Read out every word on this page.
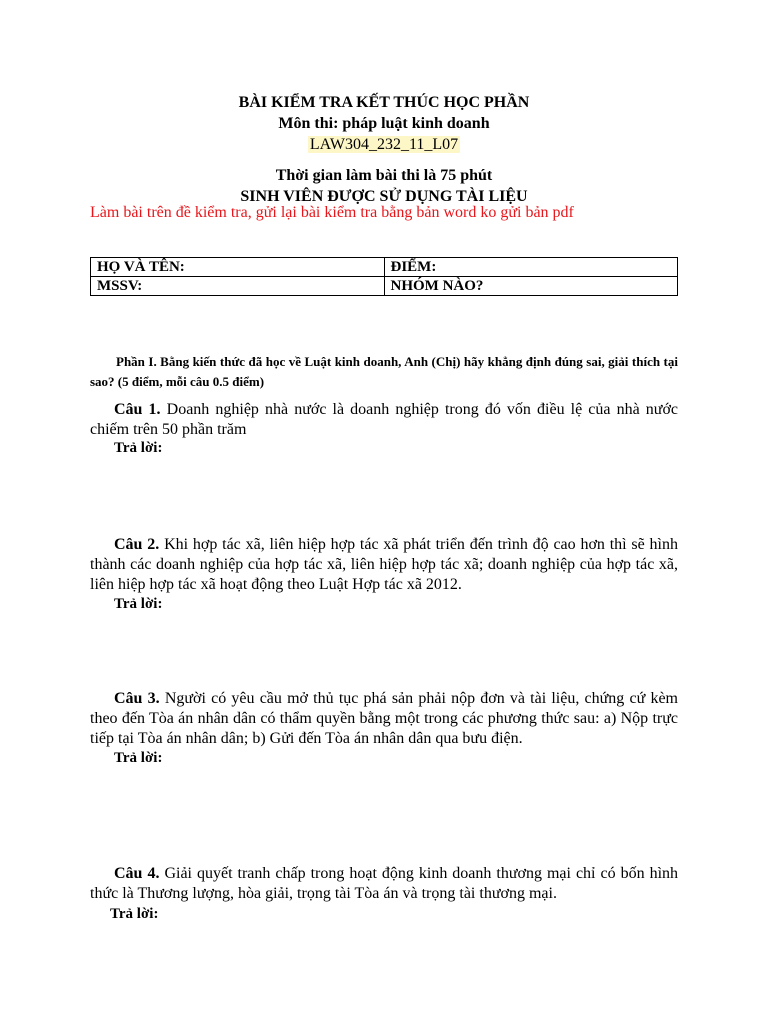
BÀI KIỂM TRA KẾT THÚC HỌC PHẦN
Môn thi: pháp luật kinh doanh
LAW304_232_11_L07
Thời gian làm bài thi là 75 phút
SINH VIÊN ĐƯỢC SỬ DỤNG TÀI LIỆU
Làm bài trên đề kiểm tra, gửi lại bài kiểm tra bằng bản word ko gửi bản pdf
HỌ VÀ TÊN:	ĐIỂM:
MSSV:	NHÓM NÀO?
Phần I. Bằng kiến thức đã học về Luật kinh doanh, Anh (Chị) hãy khẳng định đúng sai, giải thích tại sao? (5 điểm, mỗi câu 0.5 điểm)
Câu 1. Doanh nghiệp nhà nước là doanh nghiệp trong đó vốn điều lệ của nhà nước chiếm trên 50 phần trăm
Trả lời:
Câu 2. Khi hợp tác xã, liên hiệp hợp tác xã phát triển đến trình độ cao hơn thì sẽ hình thành các doanh nghiệp của hợp tác xã, liên hiệp hợp tác xã; doanh nghiệp của hợp tác xã, liên hiệp hợp tác xã hoạt động theo Luật Hợp tác xã 2012.
Trả lời:
Câu 3. Người có yêu cầu mở thủ tục phá sản phải nộp đơn và tài liệu, chứng cứ kèm theo đến Tòa án nhân dân có thẩm quyền bằng một trong các phương thức sau: a) Nộp trực tiếp tại Tòa án nhân dân; b) Gửi đến Tòa án nhân dân qua bưu điện.
Trả lời:
Câu 4. Giải quyết tranh chấp trong hoạt động kinh doanh thương mại chỉ có bốn hình thức là Thương lượng, hòa giải, trọng tài Tòa án và trọng tài thương mại.
Trả lời:
